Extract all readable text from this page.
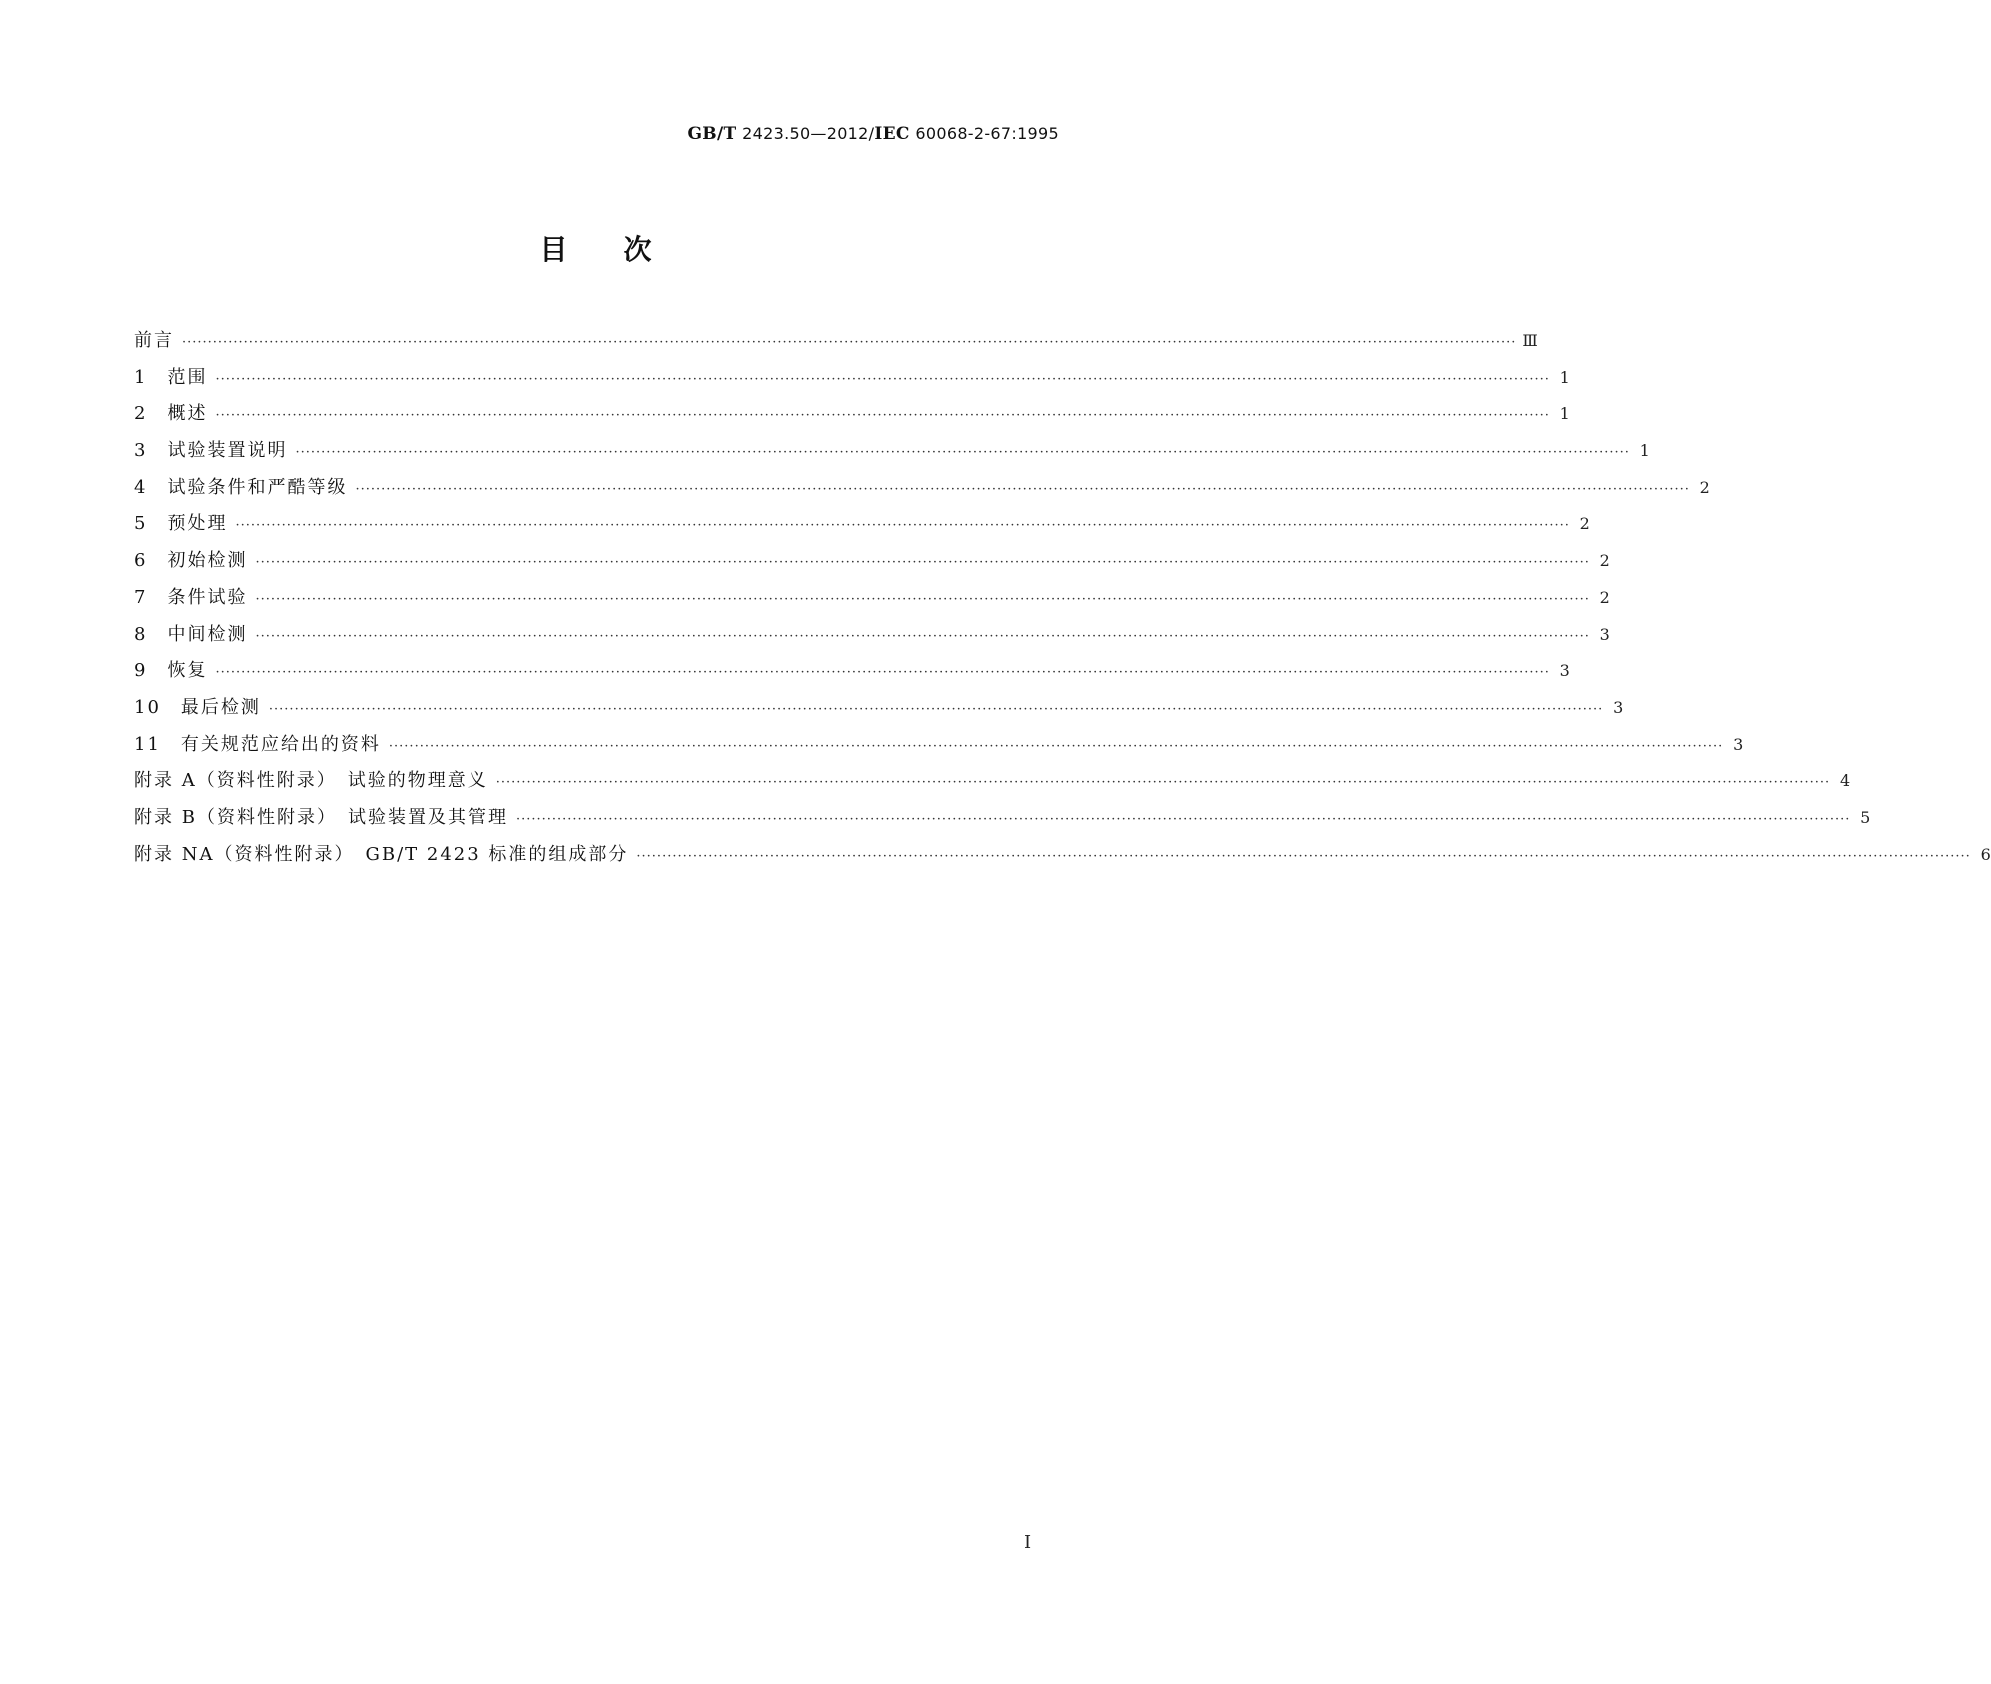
GB/T 2423.50—2012/IEC 60068-2-67:1995
目次
前言 ···································································································································································································································································· Ⅲ
1　范围 ···································································································································································································································································· 1
2　概述 ···································································································································································································································································· 1
3　试验装置说明 ···································································································································································································································································· 1
4　试验条件和严酷等级 ···································································································································································································································································· 2
5　预处理 ···································································································································································································································································· 2
6　初始检测 ···································································································································································································································································· 2
7　条件试验 ···································································································································································································································································· 2
8　中间检测 ···································································································································································································································································· 3
9　恢复 ···································································································································································································································································· 3
10　最后检测 ···································································································································································································································································· 3
11　有关规范应给出的资料 ···································································································································································································································································· 3
附录 A（资料性附录）　试验的物理意义 ···································································································································································································································································· 4
附录 B（资料性附录）　试验装置及其管理 ···································································································································································································································································· 5
附录 NA（资料性附录）　GB/T 2423 标准的组成部分 ···································································································································································································································································· 6
Ⅰ
